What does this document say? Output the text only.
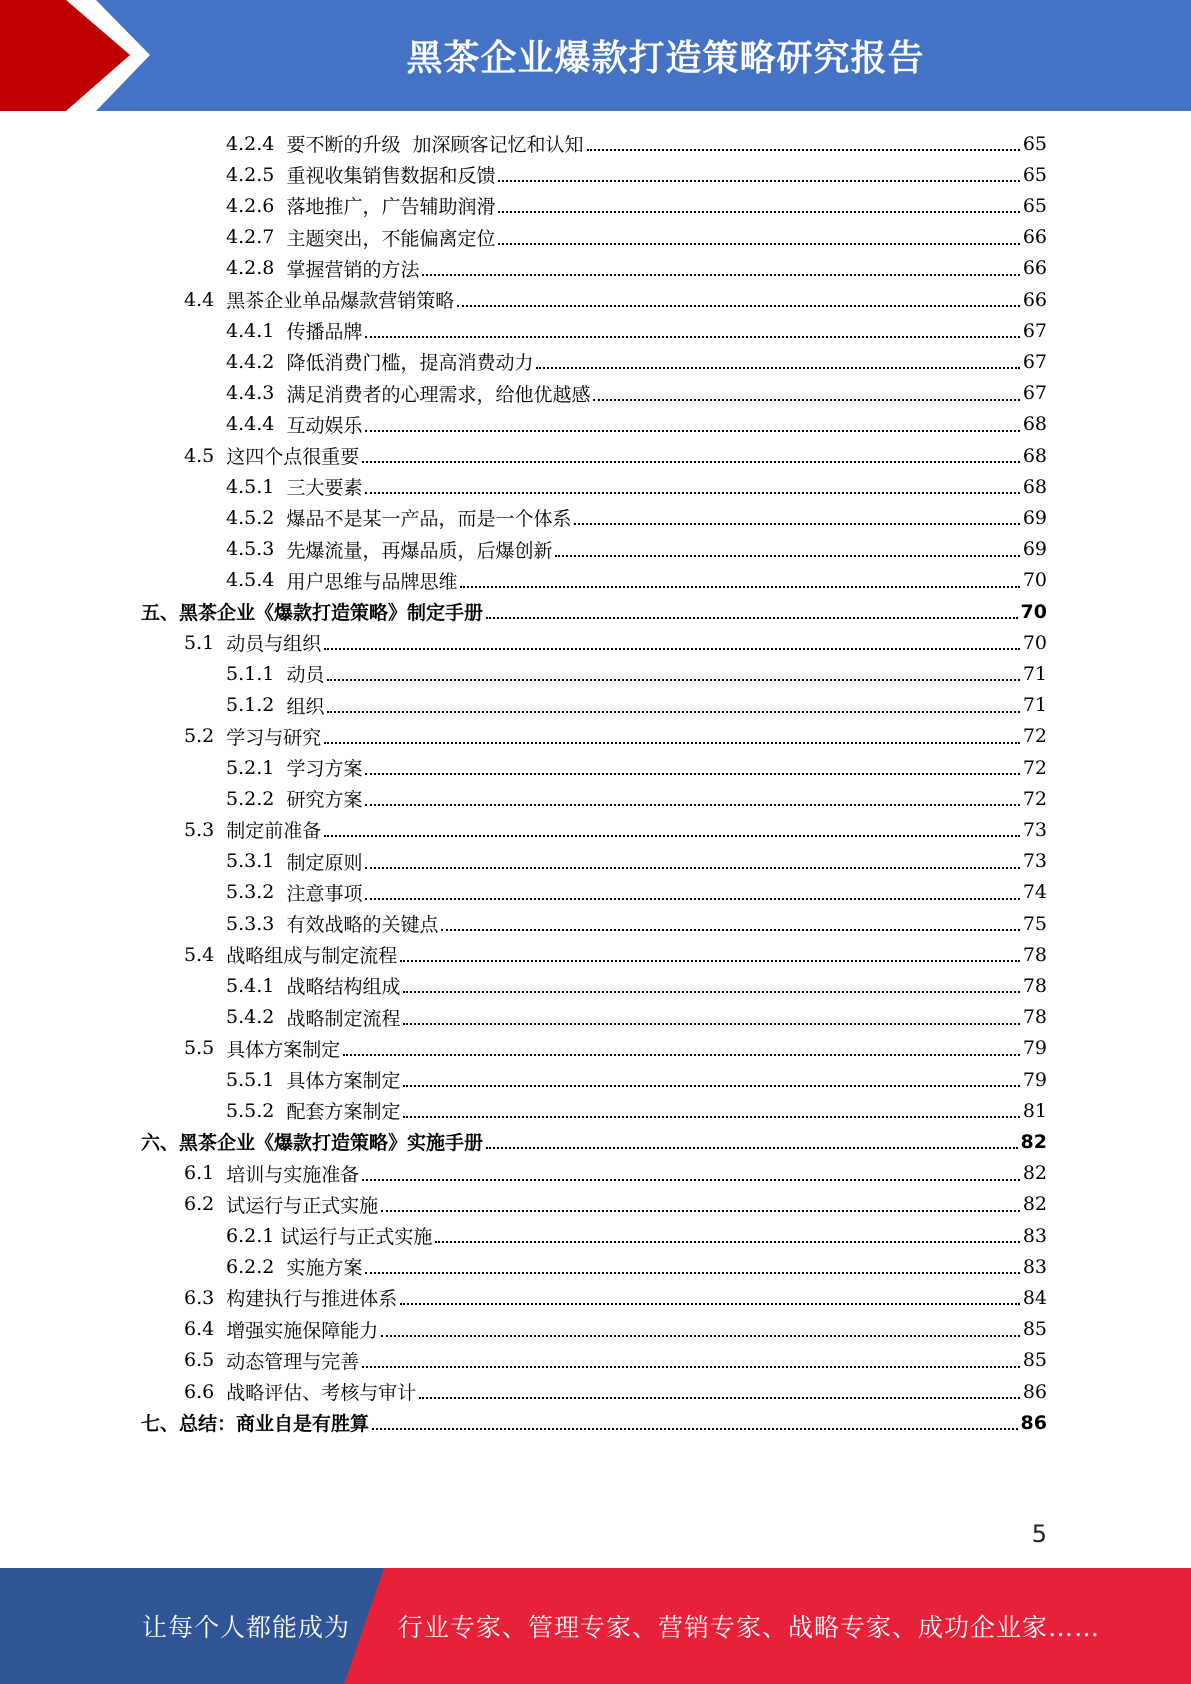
黑茶企业爆款打造策略研究报告
4.2.4 要不断的升级  加深顾客记忆和认知	65
4.2.5 重视收集销售数据和反馈	65
4.2.6 落地推广，广告辅助润滑	65
4.2.7 主题突出，不能偏离定位	66
4.2.8 掌握营销的方法	66
4.4 黑茶企业单品爆款营销策略	66
4.4.1 传播品牌	67
4.4.2 降低消费门槛，提高消费动力	67
4.4.3 满足消费者的心理需求，给他优越感	67
4.4.4 互动娱乐	68
4.5 这四个点很重要	68
4.5.1 三大要素	68
4.5.2 爆品不是某一产品，而是一个体系	69
4.5.3 先爆流量，再爆品质，后爆创新	69
4.5.4 用户思维与品牌思维	70
五、 黑茶企业《爆款打造策略》制定手册	70
5.1 动员与组织	70
5.1.1 动员	71
5.1.2 组织	71
5.2 学习与研究	72
5.2.1 学习方案	72
5.2.2 研究方案	72
5.3 制定前准备	73
5.3.1 制定原则	73
5.3.2 注意事项	74
5.3.3 有效战略的关键点	75
5.4 战略组成与制定流程	78
5.4.1 战略结构组成	78
5.4.2 战略制定流程	78
5.5 具体方案制定	79
5.5.1 具体方案制定	79
5.5.2 配套方案制定	81
六、 黑茶企业《爆款打造策略》实施手册	82
6.1 培训与实施准备	82
6.2 试运行与正式实施	82
6.2.1 试运行与正式实施	83
6.2.2 实施方案	83
6.3 构建执行与推进体系	84
6.4 增强实施保障能力	85
6.5 动态管理与完善	85
6.6 战略评估、考核与审计	86
七、 总结：商业自是有胜算	86
5
让每个人都能成为 行业专家、管理专家、营销专家、战略专家、成功企业家……
